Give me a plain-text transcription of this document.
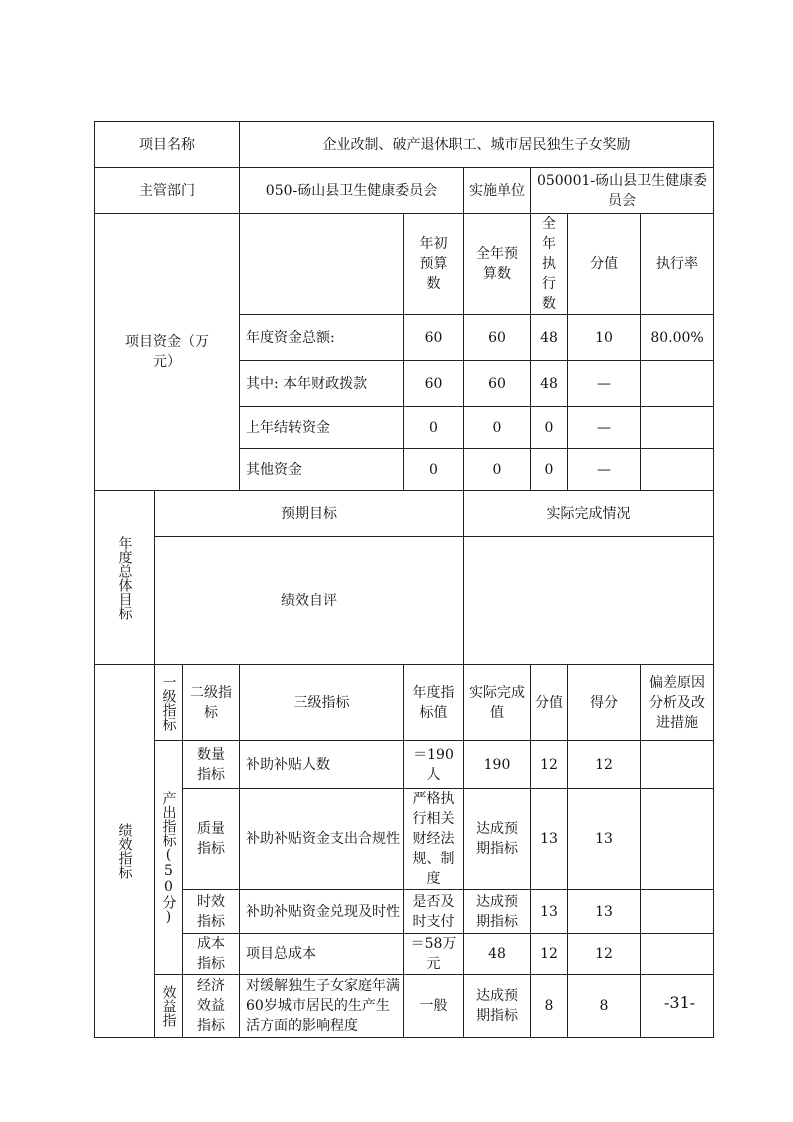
项目名称			企业改制、破产退休职工、城市居民独生子女奖励						
主管部门			050-砀山县卫生健康委员会		实施单位	050001-砀山县卫生健康委员会			
项目资金（万元）				年初预算数	全年预算数	全年执行数	分值	执行率	
			年度资金总额:	60	60	48	10	80.00%	
			其中: 本年财政拨款	60	60	48	—		
			上年结转资金	0	0	0	—		
			其他资金	0	0	0	—		

年度总体目标	预期目标				实际完成情况				
	绩效自评								

绩效指标	一级指标	二级指标	三级指标	年度指标值	实际完成值	分值	得分	偏差原因分析及改进措施	

	产出指标(50分)	数量指标	补助补贴人数	＝190人	190	12	12		
		质量指标	补助补贴资金支出合规性	严格执行相关财经法规、制度	达成预期指标	13	13		
		时效指标	补助补贴资金兑现及时性	是否及时支付	达成预期指标	13	13		
		成本指标	项目总成本	＝58万元	48	12	12		

	效益指	经济效益指标	对缓解独生子女家庭年满60岁城市居民的生产生活方面的影响程度	一般	达成预期指标	8	8			-31-
